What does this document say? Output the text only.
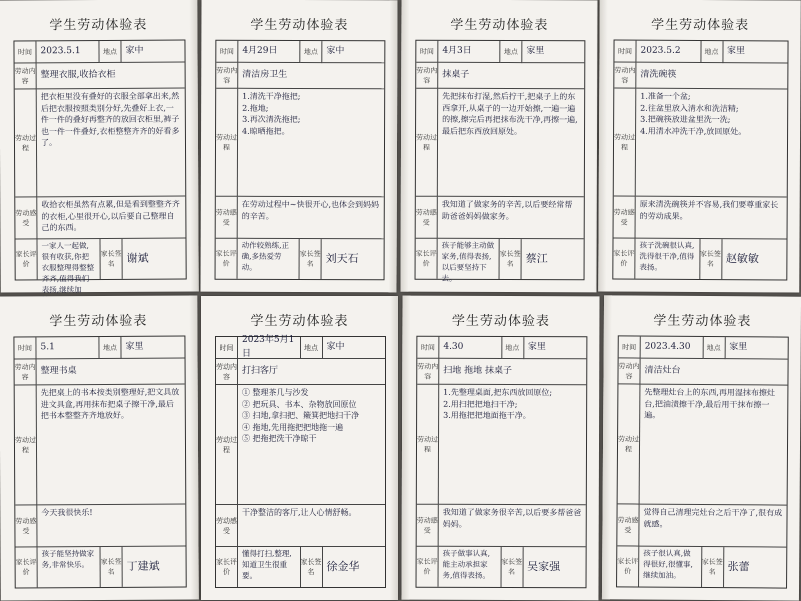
学生劳动体验表
时间 2023.5.1	地点 家中
劳动内容
整理衣服,收拾衣柜
劳动过程
把衣柜里没有叠好的衣服全部拿出来,然后把衣服按照类别分好,先叠好上衣,一件一件的叠好再整齐的放回衣柜里,裤子也一件一件叠好,衣柜整整齐齐的好看多了。
劳动感受
收拾衣柜虽然有点累,但是看到整整齐齐的衣柜,心里很开心,以后要自己整理自己的东西。
家长评价
一家人一起做,很有收获,你把衣服整理得整整齐齐,值得我们表扬,继续加油。
家长签名	谢斌
学生劳动体验表
时间 4月29日	地点 家中
劳动内容
清洁房卫生
劳动过程
1.清洗干净拖把;
2.拖地;
3.再次清洗拖把;
4.晾晒拖把。
劳动感受
在劳动过程中~快很开心,也体会到妈妈的辛苦。
家长评价
动作较熟练,正确,多热爱劳动。
家长签名	刘天石
学生劳动体验表
时间 4月3日	地点 家里
劳动内容
抹桌子
劳动过程
先把抹布打湿,然后拧干,把桌子上的东西拿开,从桌子的一边开始擦,一遍一遍的擦,擦完后再把抹布洗干净,再擦一遍,最后把东西放回原处。
劳动感受
我知道了做家务的辛苦,以后要经常帮助爸爸妈妈做家务。
家长评价
孩子能够主动做家务,值得表扬,以后要坚持下去。
家长签名	蔡江
学生劳动体验表
时间 2023.5.2	地点 家里
劳动内容
清洗碗筷
劳动过程
1.准备一个盆;
2.往盆里放入清水和洗洁精;
3.把碗筷放进盆里洗一洗;
4.用清水冲洗干净,放回原处。
劳动感受
原来清洗碗筷并不容易,我们要尊重家长的劳动成果。
家长评价
孩子洗碗很认真,洗得很干净,值得表扬。
家长签名	赵敏敏
学生劳动体验表
时间 5.1	地点 家里
劳动内容
整理书桌
劳动过程
先把桌上的书本按类别整理好,把文具放进文具盒,再用抹布把桌子擦干净,最后把书本整整齐齐地放好。
劳动感受
今天我很快乐!
家长评价
孩子能坚持做家务,非常快乐。	家长签名	丁建斌
学生劳动体验表
时间
2023年5月1日
地点 家中
劳动内容
打扫客厅
劳动过程
① 整理茶几与沙发
② 把玩具、书本、杂物放回原位
③ 扫地,拿扫把、簸箕把地扫干净
④ 拖地,先用拖把把地拖一遍
⑤ 把拖把洗干净晾干
劳动感受
干净整洁的客厅,让人心情舒畅。
家长评价
懂得打扫,整理,知道卫生很重要。
家长签名	徐金华
学生劳动体验表
时间 4.30	地点 家里
劳动内容
扫地 拖地 抹桌子
劳动过程
1.先整理桌面,把东西放回原位;
2.用扫把把地扫干净;
3.用拖把把地面拖干净。
劳动感受
我知道了做家务很辛苦,以后要多帮爸爸妈妈。
家长评价
孩子做事认真,能主动承担家务,值得表扬。
家长签名	吴家强
学生劳动体验表
时间 2023.4.30	地点 家里
劳动内容
清洁灶台
劳动过程
先整理灶台上的东西,再用湿抹布擦灶台,把油渍擦干净,最后用干抹布擦一遍。
劳动感受
觉得自己清理完灶台之后干净了,很有成就感。
家长评价
孩子很认真,做得很好,很懂事,继续加油。
家长签名	张蕾
